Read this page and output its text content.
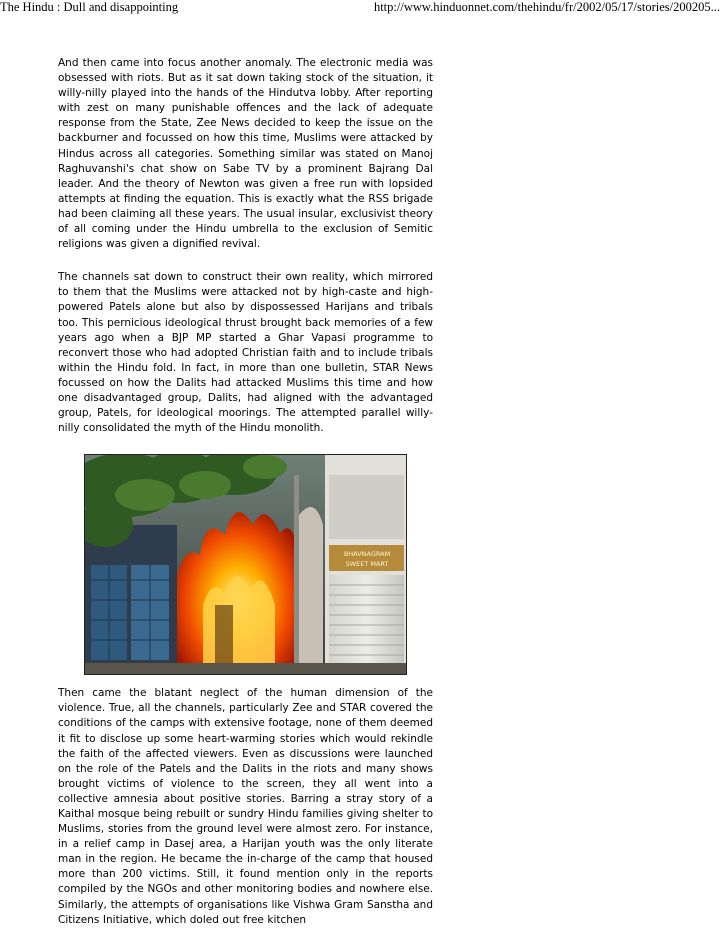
The Hindu : Dull and disappointing	http://www.hinduonnet.com/thehindu/fr/2002/05/17/stories/200205...

And then came into focus another anomaly. The electronic media was obsessed with riots. But as it sat down taking stock of the situation, it willy-nilly played into the hands of the Hindutva lobby. After reporting with zest on many punishable offences and the lack of adequate response from the State, Zee News decided to keep the issue on the backburner and focussed on how this time, Muslims were attacked by Hindus across all categories. Something similar was stated on Manoj Raghuvanshi's chat show on Sabe TV by a prominent Bajrang Dal leader. And the theory of Newton was given a free run with lopsided attempts at finding the equation. This is exactly what the RSS brigade had been claiming all these years. The usual insular, exclusivist theory of all coming under the Hindu umbrella to the exclusion of Semitic religions was given a dignified revival.

The channels sat down to construct their own reality, which mirrored to them that the Muslims were attacked not by high-caste and high-powered Patels alone but also by dispossessed Harijans and tribals too. This pernicious ideological thrust brought back memories of a few years ago when a BJP MP started a Ghar Vapasi programme to reconvert those who had adopted Christian faith and to include tribals within the Hindu fold. In fact, in more than one bulletin, STAR News focussed on how the Dalits had attacked Muslims this time and how one disadvantaged group, Dalits, had aligned with the advantaged group, Patels, for ideological moorings. The attempted parallel willy-nilly consolidated the myth of the Hindu monolith.

BHAVNAGRAM
SWEET MART

Then came the blatant neglect of the human dimension of the violence. True, all the channels, particularly Zee and STAR covered the conditions of the camps with extensive footage, none of them deemed it fit to disclose up some heart-warming stories which would rekindle the faith of the affected viewers. Even as discussions were launched on the role of the Patels and the Dalits in the riots and many shows brought victims of violence to the screen, they all went into a collective amnesia about positive stories. Barring a stray story of a Kaithal mosque being rebuilt or sundry Hindu families giving shelter to Muslims, stories from the ground level were almost zero. For instance, in a relief camp in Dasej area, a Harijan youth was the only literate man in the region. He became the in-charge of the camp that housed more than 200 victims. Still, it found mention only in the reports compiled by the NGOs and other monitoring bodies and nowhere else. Similarly, the attempts of organisations like Vishwa Gram Sanstha and Citizens Initiative, which doled out free kitchen
